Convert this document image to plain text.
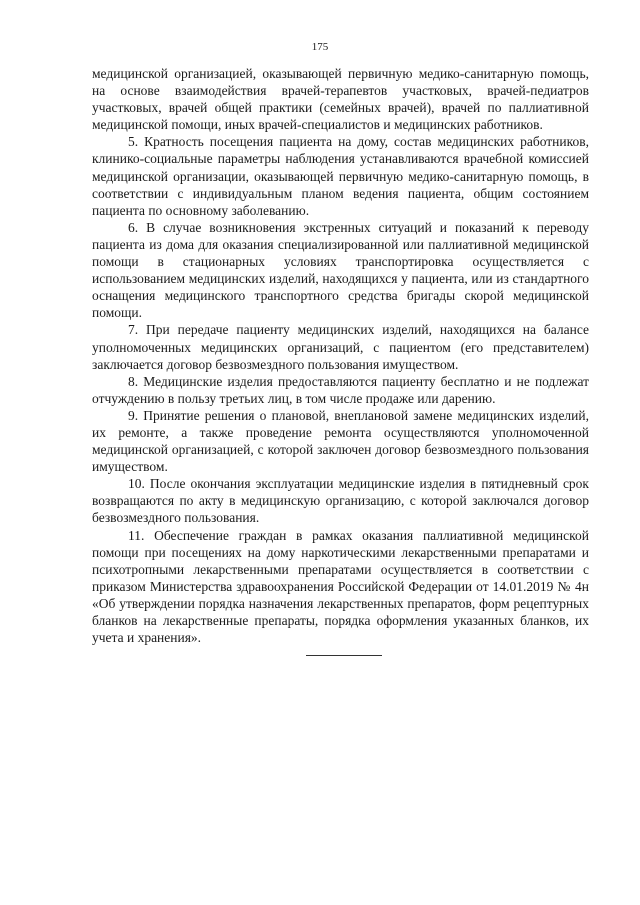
175

медицинской организацией, оказывающей первичную медико-санитарную помощь, на основе взаимодействия врачей-терапевтов участковых, врачей-педиатров участковых, врачей общей практики (семейных врачей), врачей по паллиативной медицинской помощи, иных врачей-специалистов и медицинских работников.

5. Кратность посещения пациента на дому, состав медицинских работников, клинико-социальные параметры наблюдения устанавливаются врачебной комиссией медицинской организации, оказывающей первичную медико-санитарную помощь, в соответствии с индивидуальным планом ведения пациента, общим состоянием пациента по основному заболеванию.

6. В случае возникновения экстренных ситуаций и показаний к переводу пациента из дома для оказания специализированной или паллиативной медицинской помощи в стационарных условиях транспортировка осуществляется с использованием медицинских изделий, находящихся у пациента, или из стандартного оснащения медицинского транспортного средства бригады скорой медицинской помощи.

7. При передаче пациенту медицинских изделий, находящихся на балансе уполномоченных медицинских организаций, с пациентом (его представителем) заключается договор безвозмездного пользования имуществом.

8. Медицинские изделия предоставляются пациенту бесплатно и не подлежат отчуждению в пользу третьих лиц, в том числе продаже или дарению.

9. Принятие решения о плановой, внеплановой замене медицинских изделий, их ремонте, а также проведение ремонта осуществляются уполномоченной медицинской организацией, с которой заключен договор безвозмездного пользования имуществом.

10. После окончания эксплуатации медицинские изделия в пятидневный срок возвращаются по акту в медицинскую организацию, с которой заключался договор безвозмездного пользования.

11. Обеспечение граждан в рамках оказания паллиативной медицинской помощи при посещениях на дому наркотическими лекарственными препаратами и психотропными лекарственными препаратами осуществляется в соответствии с приказом Министерства здравоохранения Российской Федерации от 14.01.2019 № 4н «Об утверждении порядка назначения лекарственных препаратов, форм рецептурных бланков на лекарственные препараты, порядка оформления указанных бланков, их учета и хранения».
